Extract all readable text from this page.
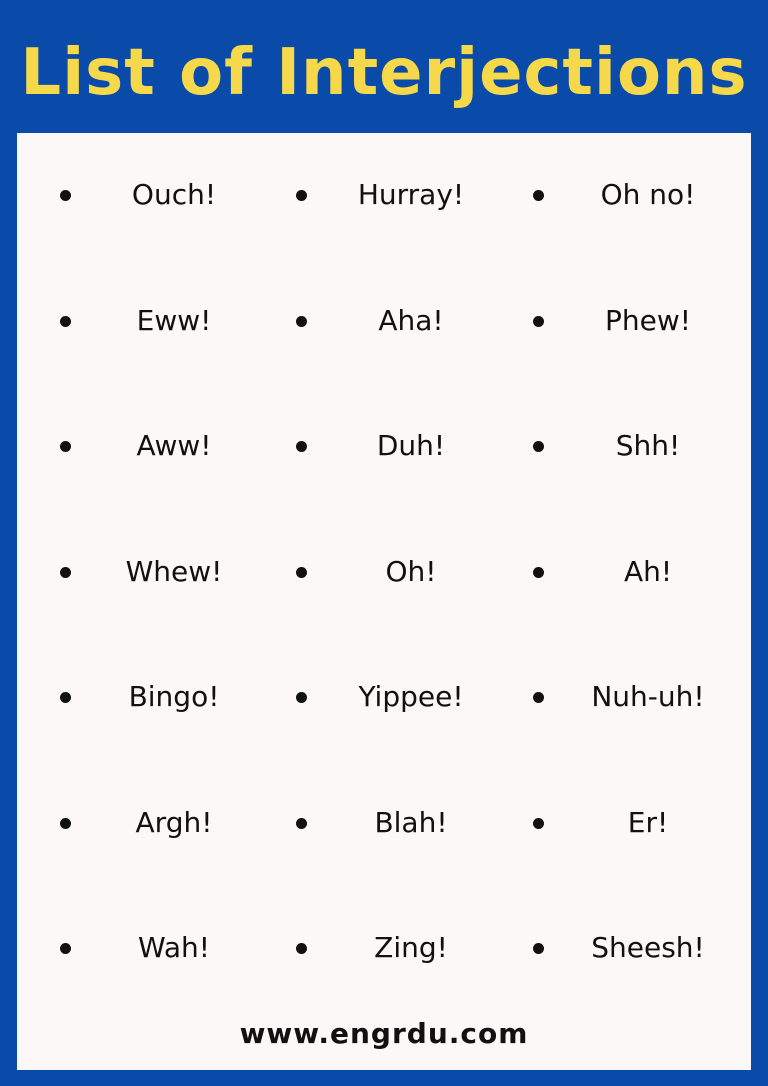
List of Interjections
Ouch!	Hurray!	Oh no!
Eww!	Aha!	Phew!
Aww!	Duh!	Shh!
Whew!	Oh!	Ah!
Bingo!	Yippee!	Nuh-uh!
Argh!	Blah!	Er!
Wah!	Zing!	Sheesh!
www.engrdu.com
